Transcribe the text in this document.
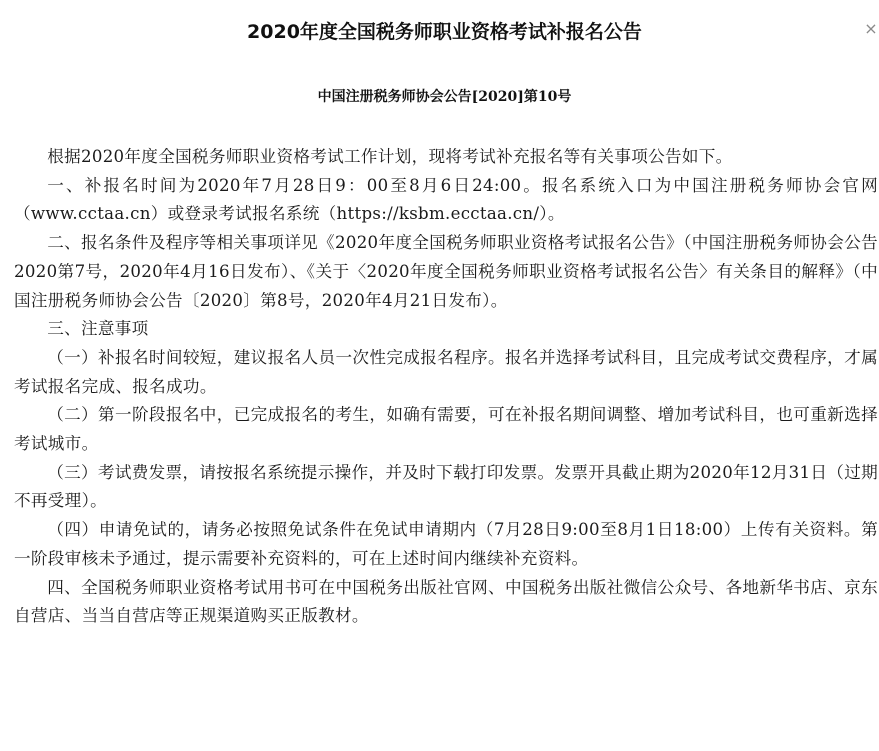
2020年度全国税务师职业资格考试补报名公告	×
中国注册税务师协会公告[2020]第10号

根据2020年度全国税务师职业资格考试工作计划，现将考试补充报名等有关事项公告如下。

一、补报名时间为2020年7月28日9：00至8月6日24:00。报名系统入口为中国注册税务师协会官网（www.cctaa.cn）或登录考试报名系统（https://ksbm.ecctaa.cn/）。

二、报名条件及程序等相关事项详见《2020年度全国税务师职业资格考试报名公告》（中国注册税务师协会公告2020第7号，2020年4月16日发布）、《关于〈2020年度全国税务师职业资格考试报名公告〉有关条目的解释》（中国注册税务师协会公告〔2020〕第8号，2020年4月21日发布）。

三、注意事项

（一）补报名时间较短，建议报名人员一次性完成报名程序。报名并选择考试科目，且完成考试交费程序，才属考试报名完成、报名成功。

（二）第一阶段报名中，已完成报名的考生，如确有需要，可在补报名期间调整、增加考试科目，也可重新选择考试城市。

（三）考试费发票，请按报名系统提示操作，并及时下载打印发票。发票开具截止期为2020年12月31日（过期不再受理）。

（四）申请免试的，请务必按照免试条件在免试申请期内（7月28日9:00至8月1日18:00）上传有关资料。第一阶段审核未予通过，提示需要补充资料的，可在上述时间内继续补充资料。

四、全国税务师职业资格考试用书可在中国税务出版社官网、中国税务出版社微信公众号、各地新华书店、京东自营店、当当自营店等正规渠道购买正版教材。
